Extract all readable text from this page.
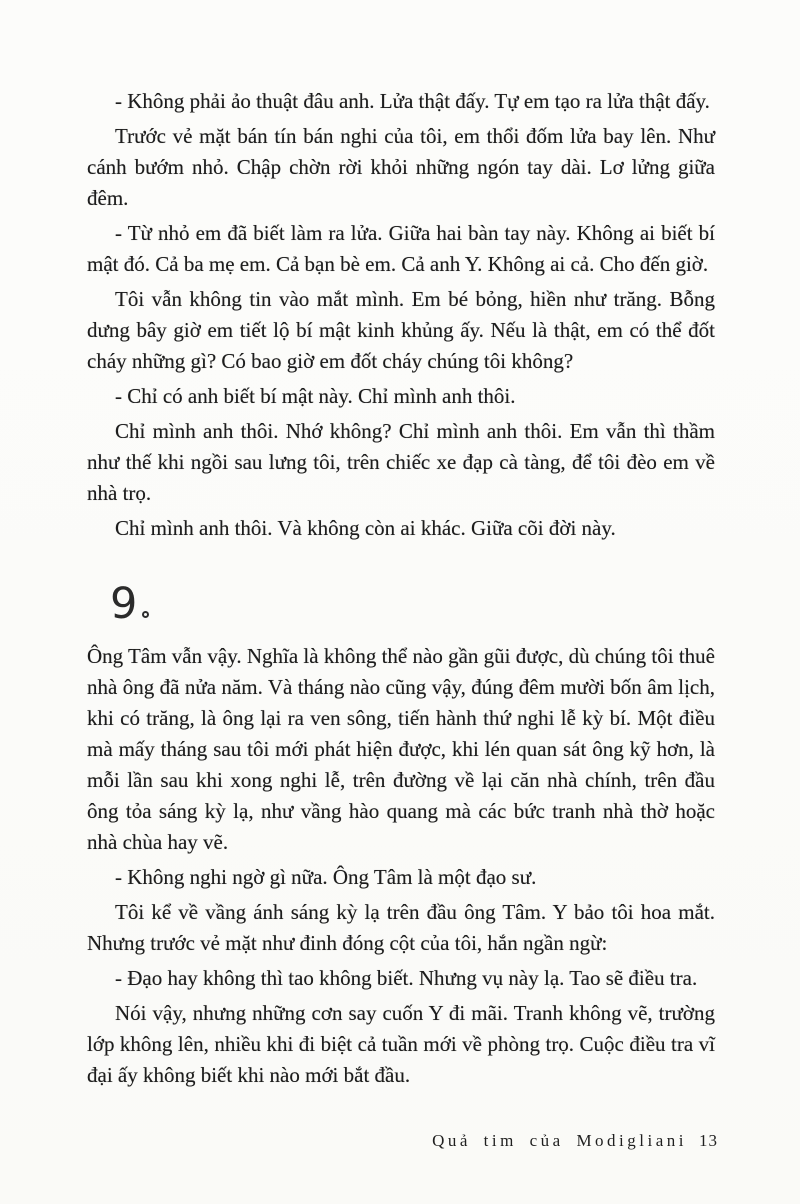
- Không phải ảo thuật đâu anh. Lửa thật đấy. Tự em tạo ra lửa thật đấy.

Trước vẻ mặt bán tín bán nghi của tôi, em thổi đốm lửa bay lên. Như cánh bướm nhỏ. Chập chờn rời khỏi những ngón tay dài. Lơ lửng giữa đêm.

- Từ nhỏ em đã biết làm ra lửa. Giữa hai bàn tay này. Không ai biết bí mật đó. Cả ba mẹ em. Cả bạn bè em. Cả anh Y. Không ai cả. Cho đến giờ.

Tôi vẫn không tin vào mắt mình. Em bé bỏng, hiền như trăng. Bỗng dưng bây giờ em tiết lộ bí mật kinh khủng ấy. Nếu là thật, em có thể đốt cháy những gì? Có bao giờ em đốt cháy chúng tôi không?

- Chỉ có anh biết bí mật này. Chỉ mình anh thôi.

Chỉ mình anh thôi. Nhớ không? Chỉ mình anh thôi. Em vẫn thì thầm như thế khi ngồi sau lưng tôi, trên chiếc xe đạp cà tàng, để tôi đèo em về nhà trọ.

Chỉ mình anh thôi. Và không còn ai khác. Giữa cõi đời này.

9

Ông Tâm vẫn vậy. Nghĩa là không thể nào gần gũi được, dù chúng tôi thuê nhà ông đã nửa năm. Và tháng nào cũng vậy, đúng đêm mười bốn âm lịch, khi có trăng, là ông lại ra ven sông, tiến hành thứ nghi lễ kỳ bí. Một điều mà mấy tháng sau tôi mới phát hiện được, khi lén quan sát ông kỹ hơn, là mỗi lần sau khi xong nghi lễ, trên đường về lại căn nhà chính, trên đầu ông tỏa sáng kỳ lạ, như vầng hào quang mà các bức tranh nhà thờ hoặc nhà chùa hay vẽ.

- Không nghi ngờ gì nữa. Ông Tâm là một đạo sư.

Tôi kể về vầng ánh sáng kỳ lạ trên đầu ông Tâm. Y bảo tôi hoa mắt. Nhưng trước vẻ mặt như đinh đóng cột của tôi, hắn ngần ngừ:

- Đạo hay không thì tao không biết. Nhưng vụ này lạ. Tao sẽ điều tra.

Nói vậy, nhưng những cơn say cuốn Y đi mãi. Tranh không vẽ, trường lớp không lên, nhiều khi đi biệt cả tuần mới về phòng trọ. Cuộc điều tra vĩ đại ấy không biết khi nào mới bắt đầu.

Quả tim của Modigliani 13
